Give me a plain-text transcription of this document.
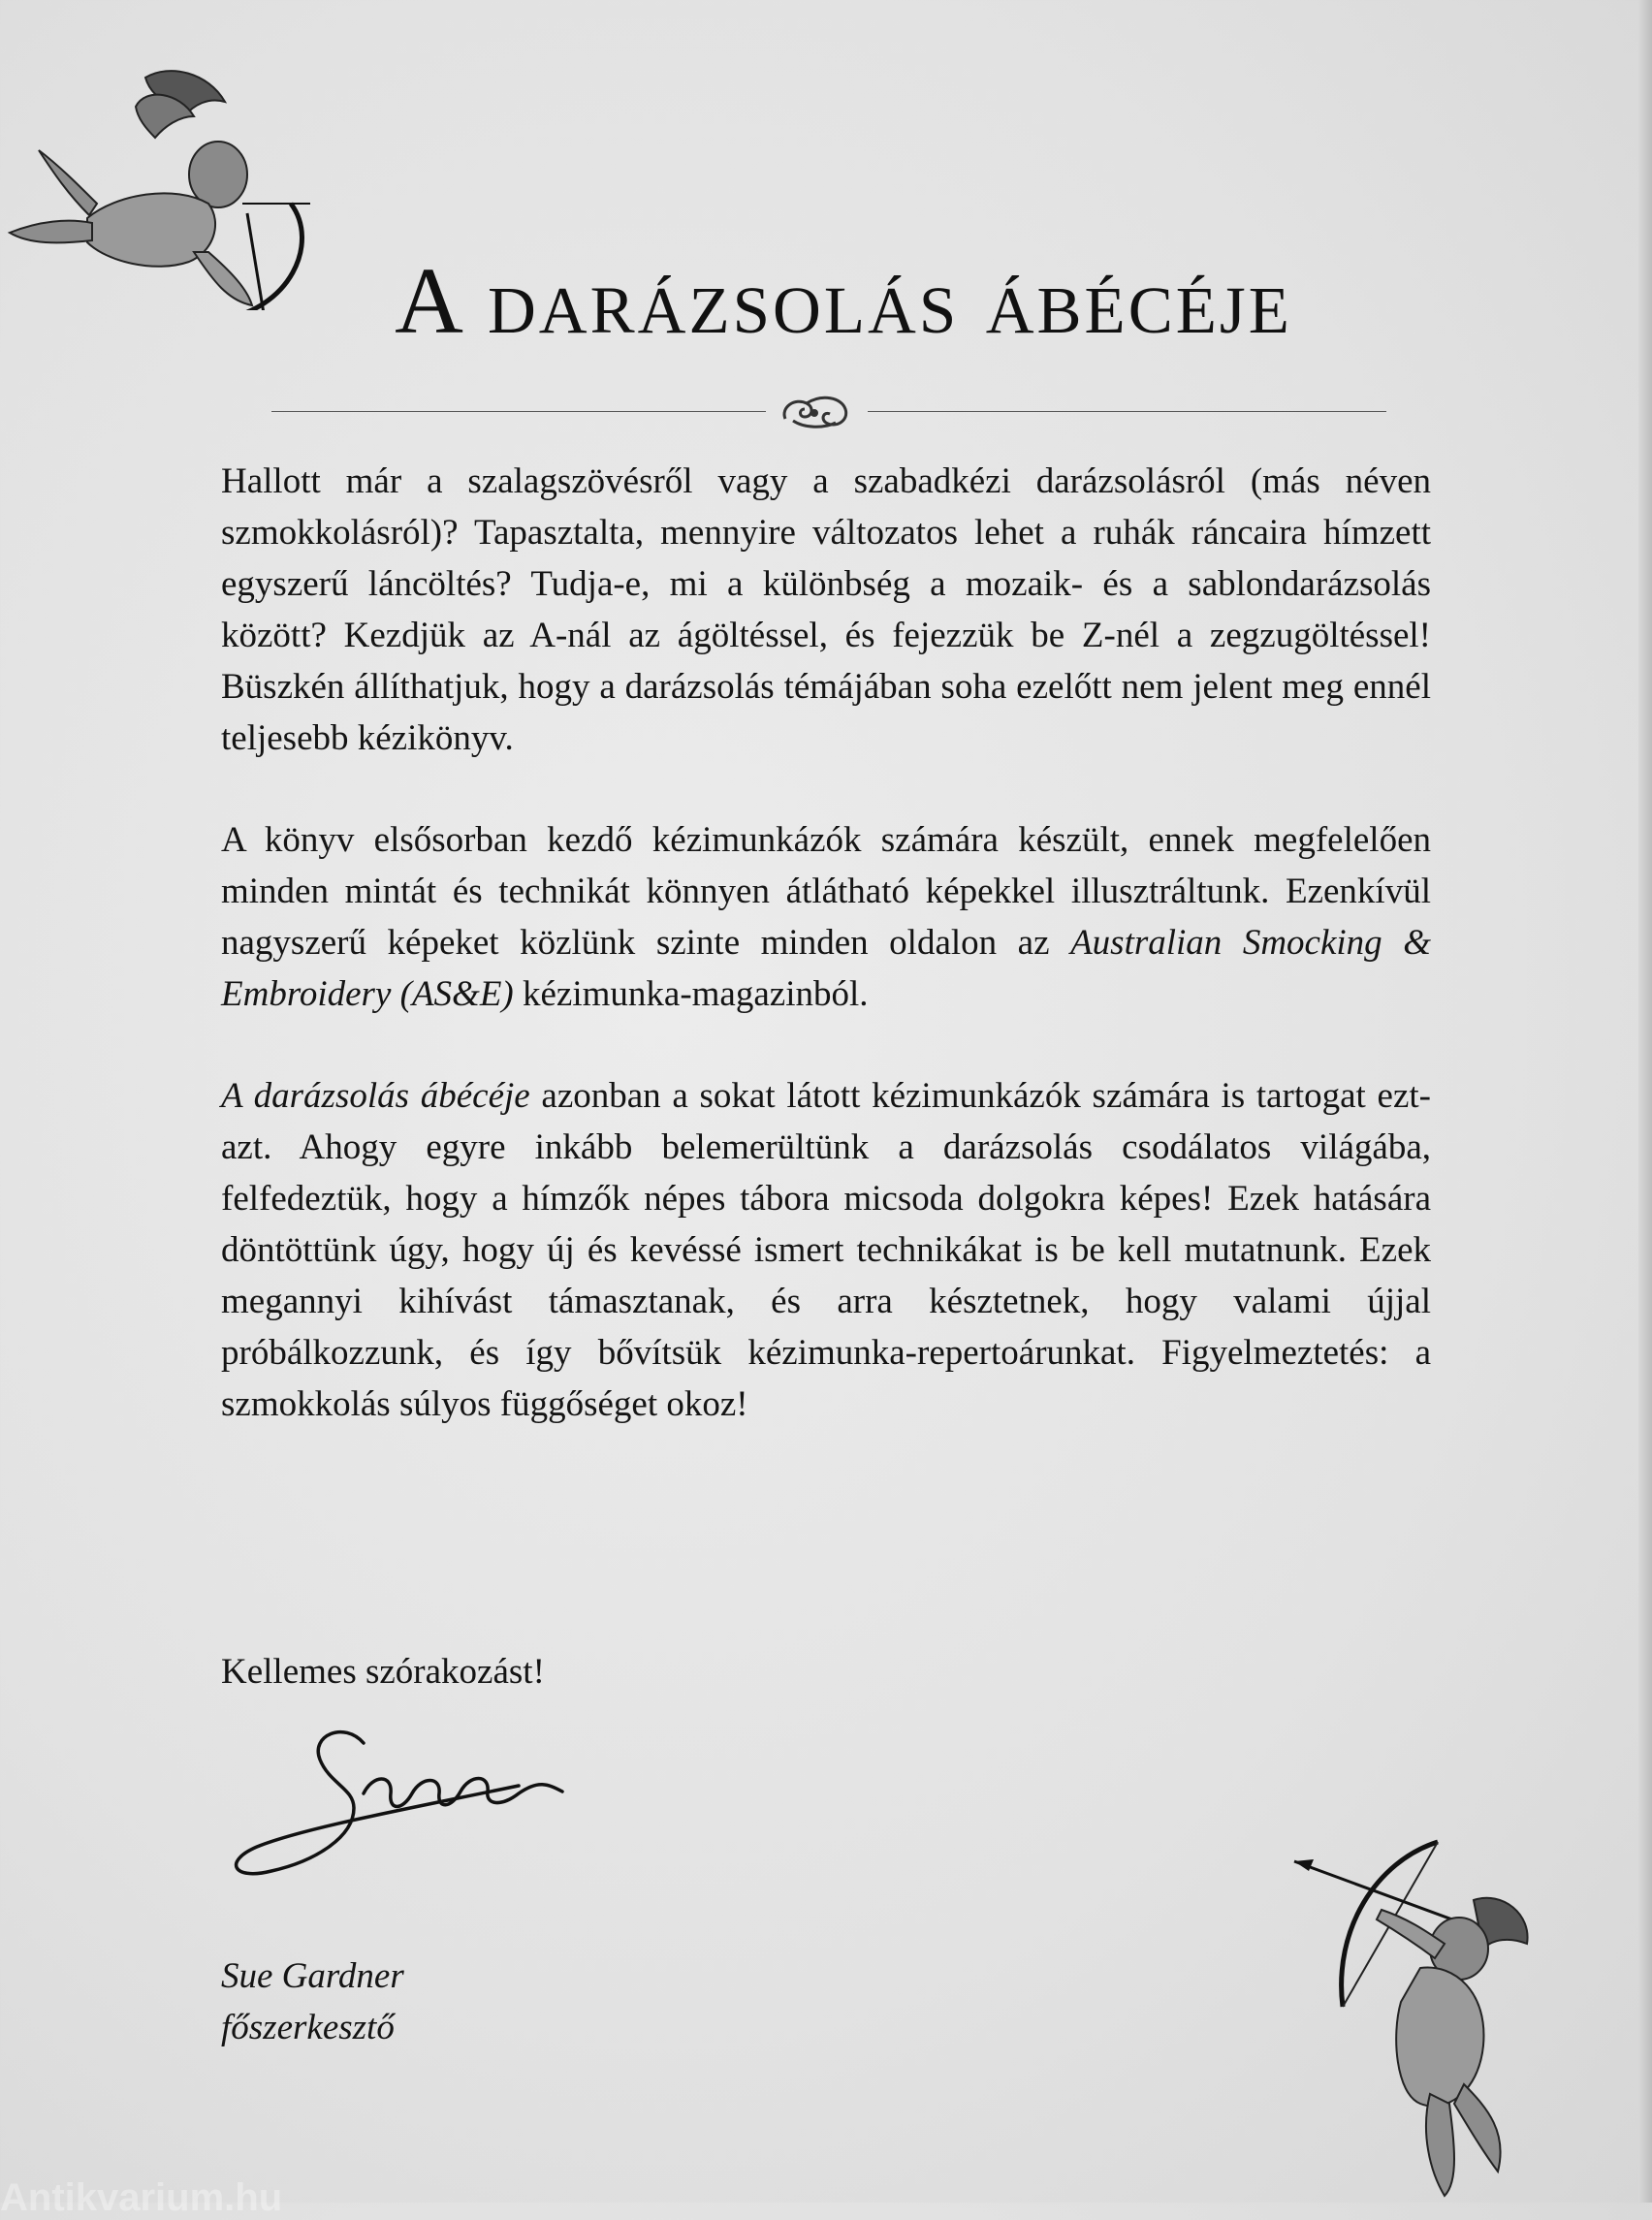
A darázsolás ábécéje

Hallott már a szalagszövésről vagy a szabadkézi darázsolásról (más néven szmokkolásról)? Tapasztalta, mennyire változatos lehet a ruhák ráncaira hímzett egyszerű láncöltés? Tudja-e, mi a különbség a mozaik- és a sablondarázsolás között? Kezdjük az A-nál az ágöltéssel, és fejezzük be Z-nél a zegzugöltéssel! Büszkén állíthatjuk, hogy a darázsolás témájában soha ezelőtt nem jelent meg ennél teljesebb kézikönyv.

A könyv elsősorban kezdő kézimunkázók számára készült, ennek megfelelően minden mintát és technikát könnyen átlátható képekkel illusztráltunk. Ezenkívül nagyszerű képeket közlünk szinte minden oldalon az Australian Smocking & Embroidery (AS&E) kézimunka-magazinból.

A darázsolás ábécéje azonban a sokat látott kézimunkázók számára is tartogat ezt-azt. Ahogy egyre inkább belemerültünk a darázsolás csodálatos világába, felfedeztük, hogy a hímzők népes tábora micsoda dolgokra képes! Ezek hatására döntöttünk úgy, hogy új és kevéssé ismert technikákat is be kell mutatnunk. Ezek megannyi kihívást támasztanak, és arra késztetnek, hogy valami újjal próbálkozzunk, és így bővítsük kézimunka-repertoárunkat. Figyelmeztetés: a szmokkolás súlyos függőséget okoz!

Kellemes szórakozást!

Sue Gardner
főszerkesztő
Antikvarium.hu
